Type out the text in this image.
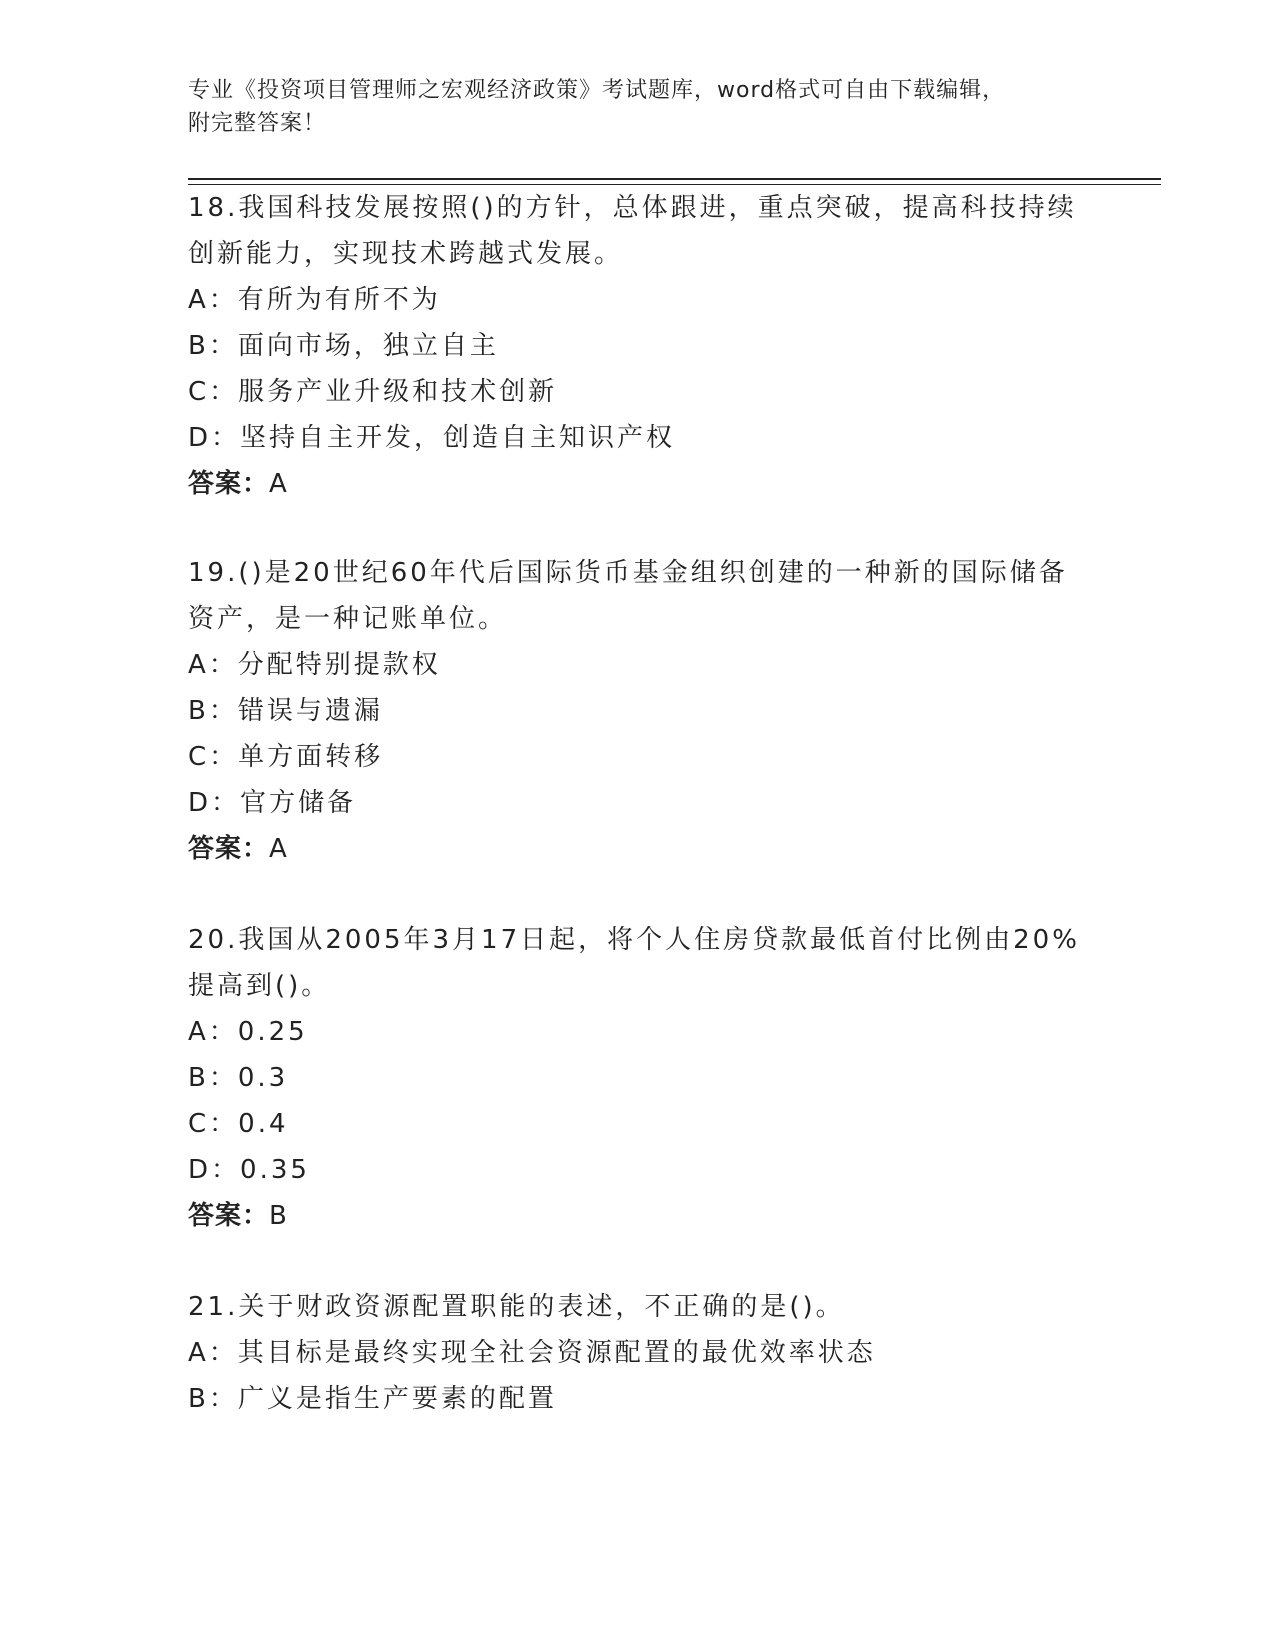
专业《投资项目管理师之宏观经济政策》考试题库，word格式可自由下载编辑，
附完整答案！
18.我国科技发展按照()的方针，总体跟进，重点突破，提高科技持续
创新能力，实现技术跨越式发展。
A：有所为有所不为
B：面向市场，独立自主
C：服务产业升级和技术创新
D：坚持自主开发，创造自主知识产权
答案：A
19.()是20世纪60年代后国际货币基金组织创建的一种新的国际储备
资产，是一种记账单位。
A：分配特别提款权
B：错误与遗漏
C：单方面转移
D：官方储备
答案：A
20.我国从2005年3月17日起，将个人住房贷款最低首付比例由20%
提高到()。
A：0.25
B：0.3
C：0.4
D：0.35
答案：B
21.关于财政资源配置职能的表述，不正确的是()。
A：其目标是最终实现全社会资源配置的最优效率状态
B：广义是指生产要素的配置
